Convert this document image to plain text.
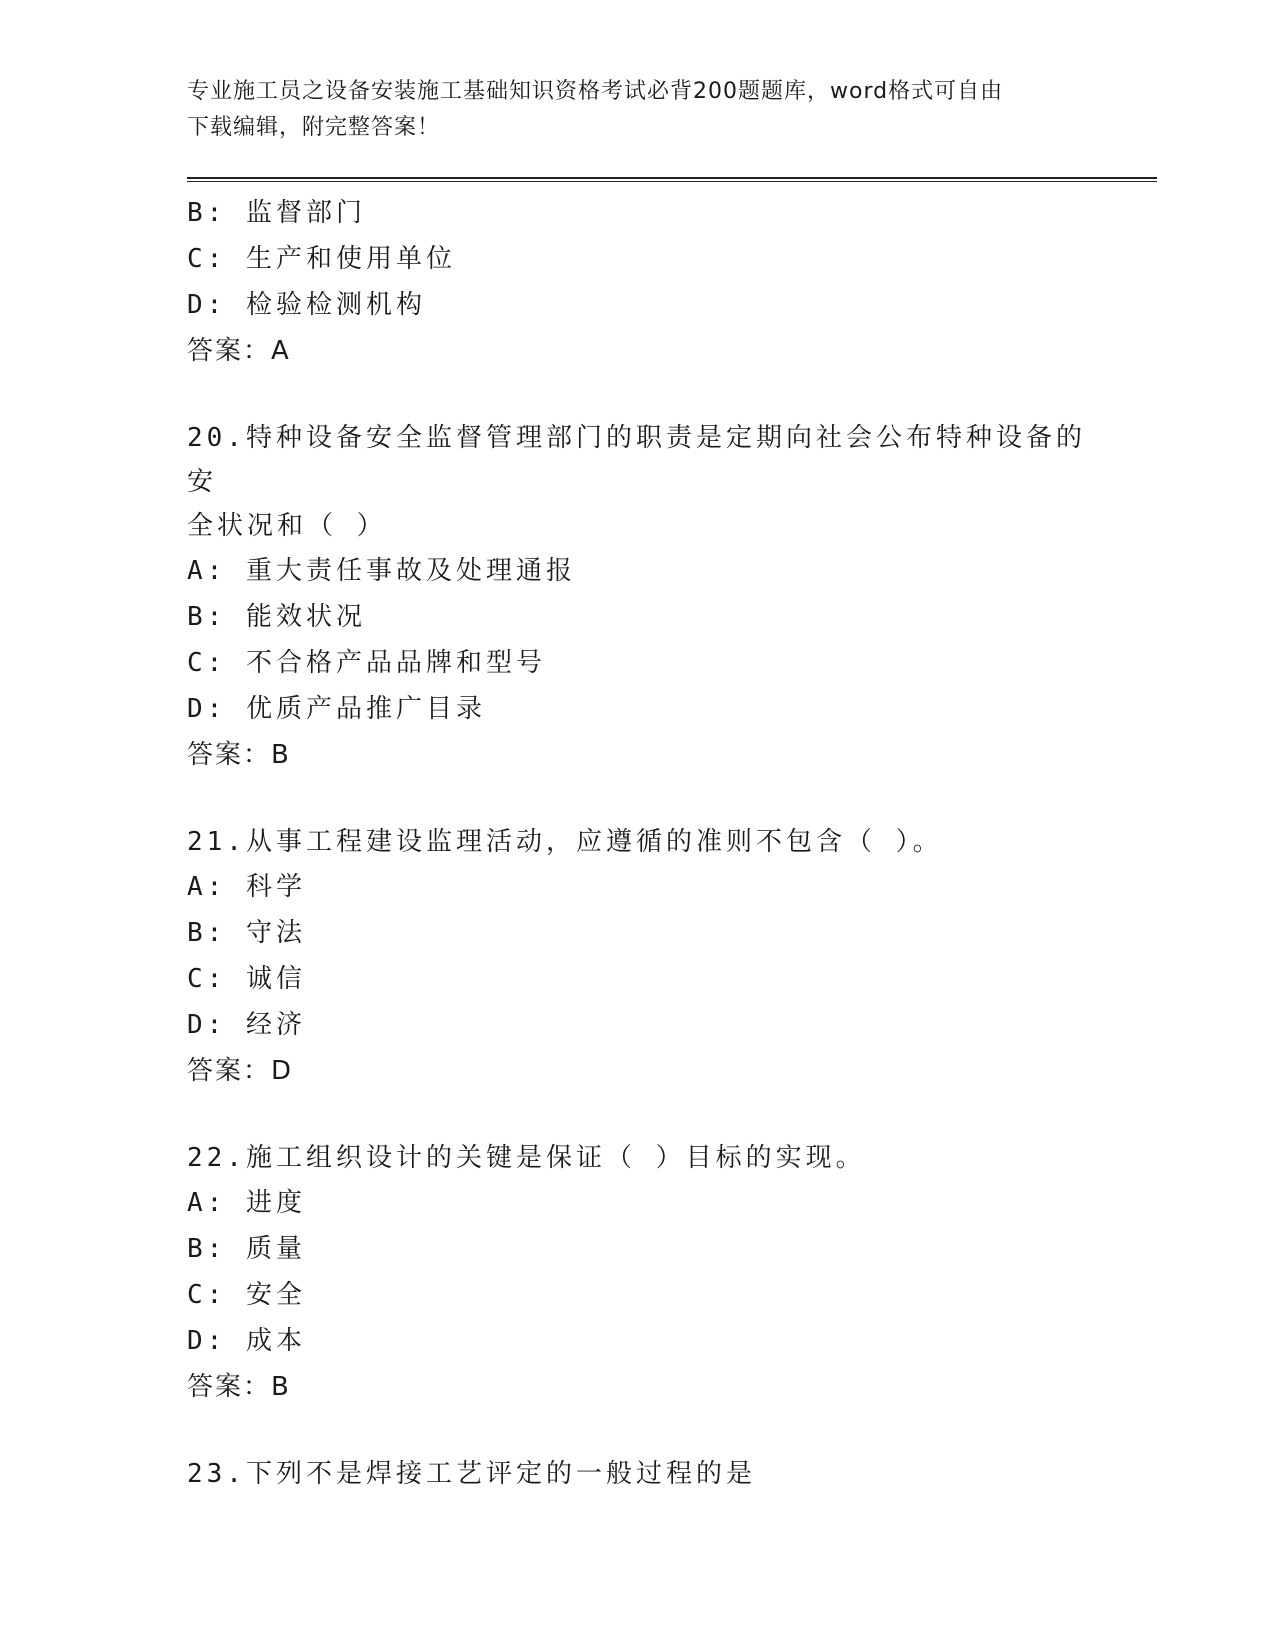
专业施工员之设备安装施工基础知识资格考试必背200题题库，word格式可自由
下载编辑，附完整答案！
B: 监督部门
C: 生产和使用单位
D: 检验检测机构
答案：A
20.特种设备安全监督管理部门的职责是定期向社会公布特种设备的安
全状况和（ ）
A: 重大责任事故及处理通报
B: 能效状况
C: 不合格产品品牌和型号
D: 优质产品推广目录
答案：B
21.从事工程建设监理活动，应遵循的准则不包含（ ）。
A: 科学
B: 守法
C: 诚信
D: 经济
答案：D
22.施工组织设计的关键是保证（ ）目标的实现。
A: 进度
B: 质量
C: 安全
D: 成本
答案：B
23.下列不是焊接工艺评定的一般过程的是
